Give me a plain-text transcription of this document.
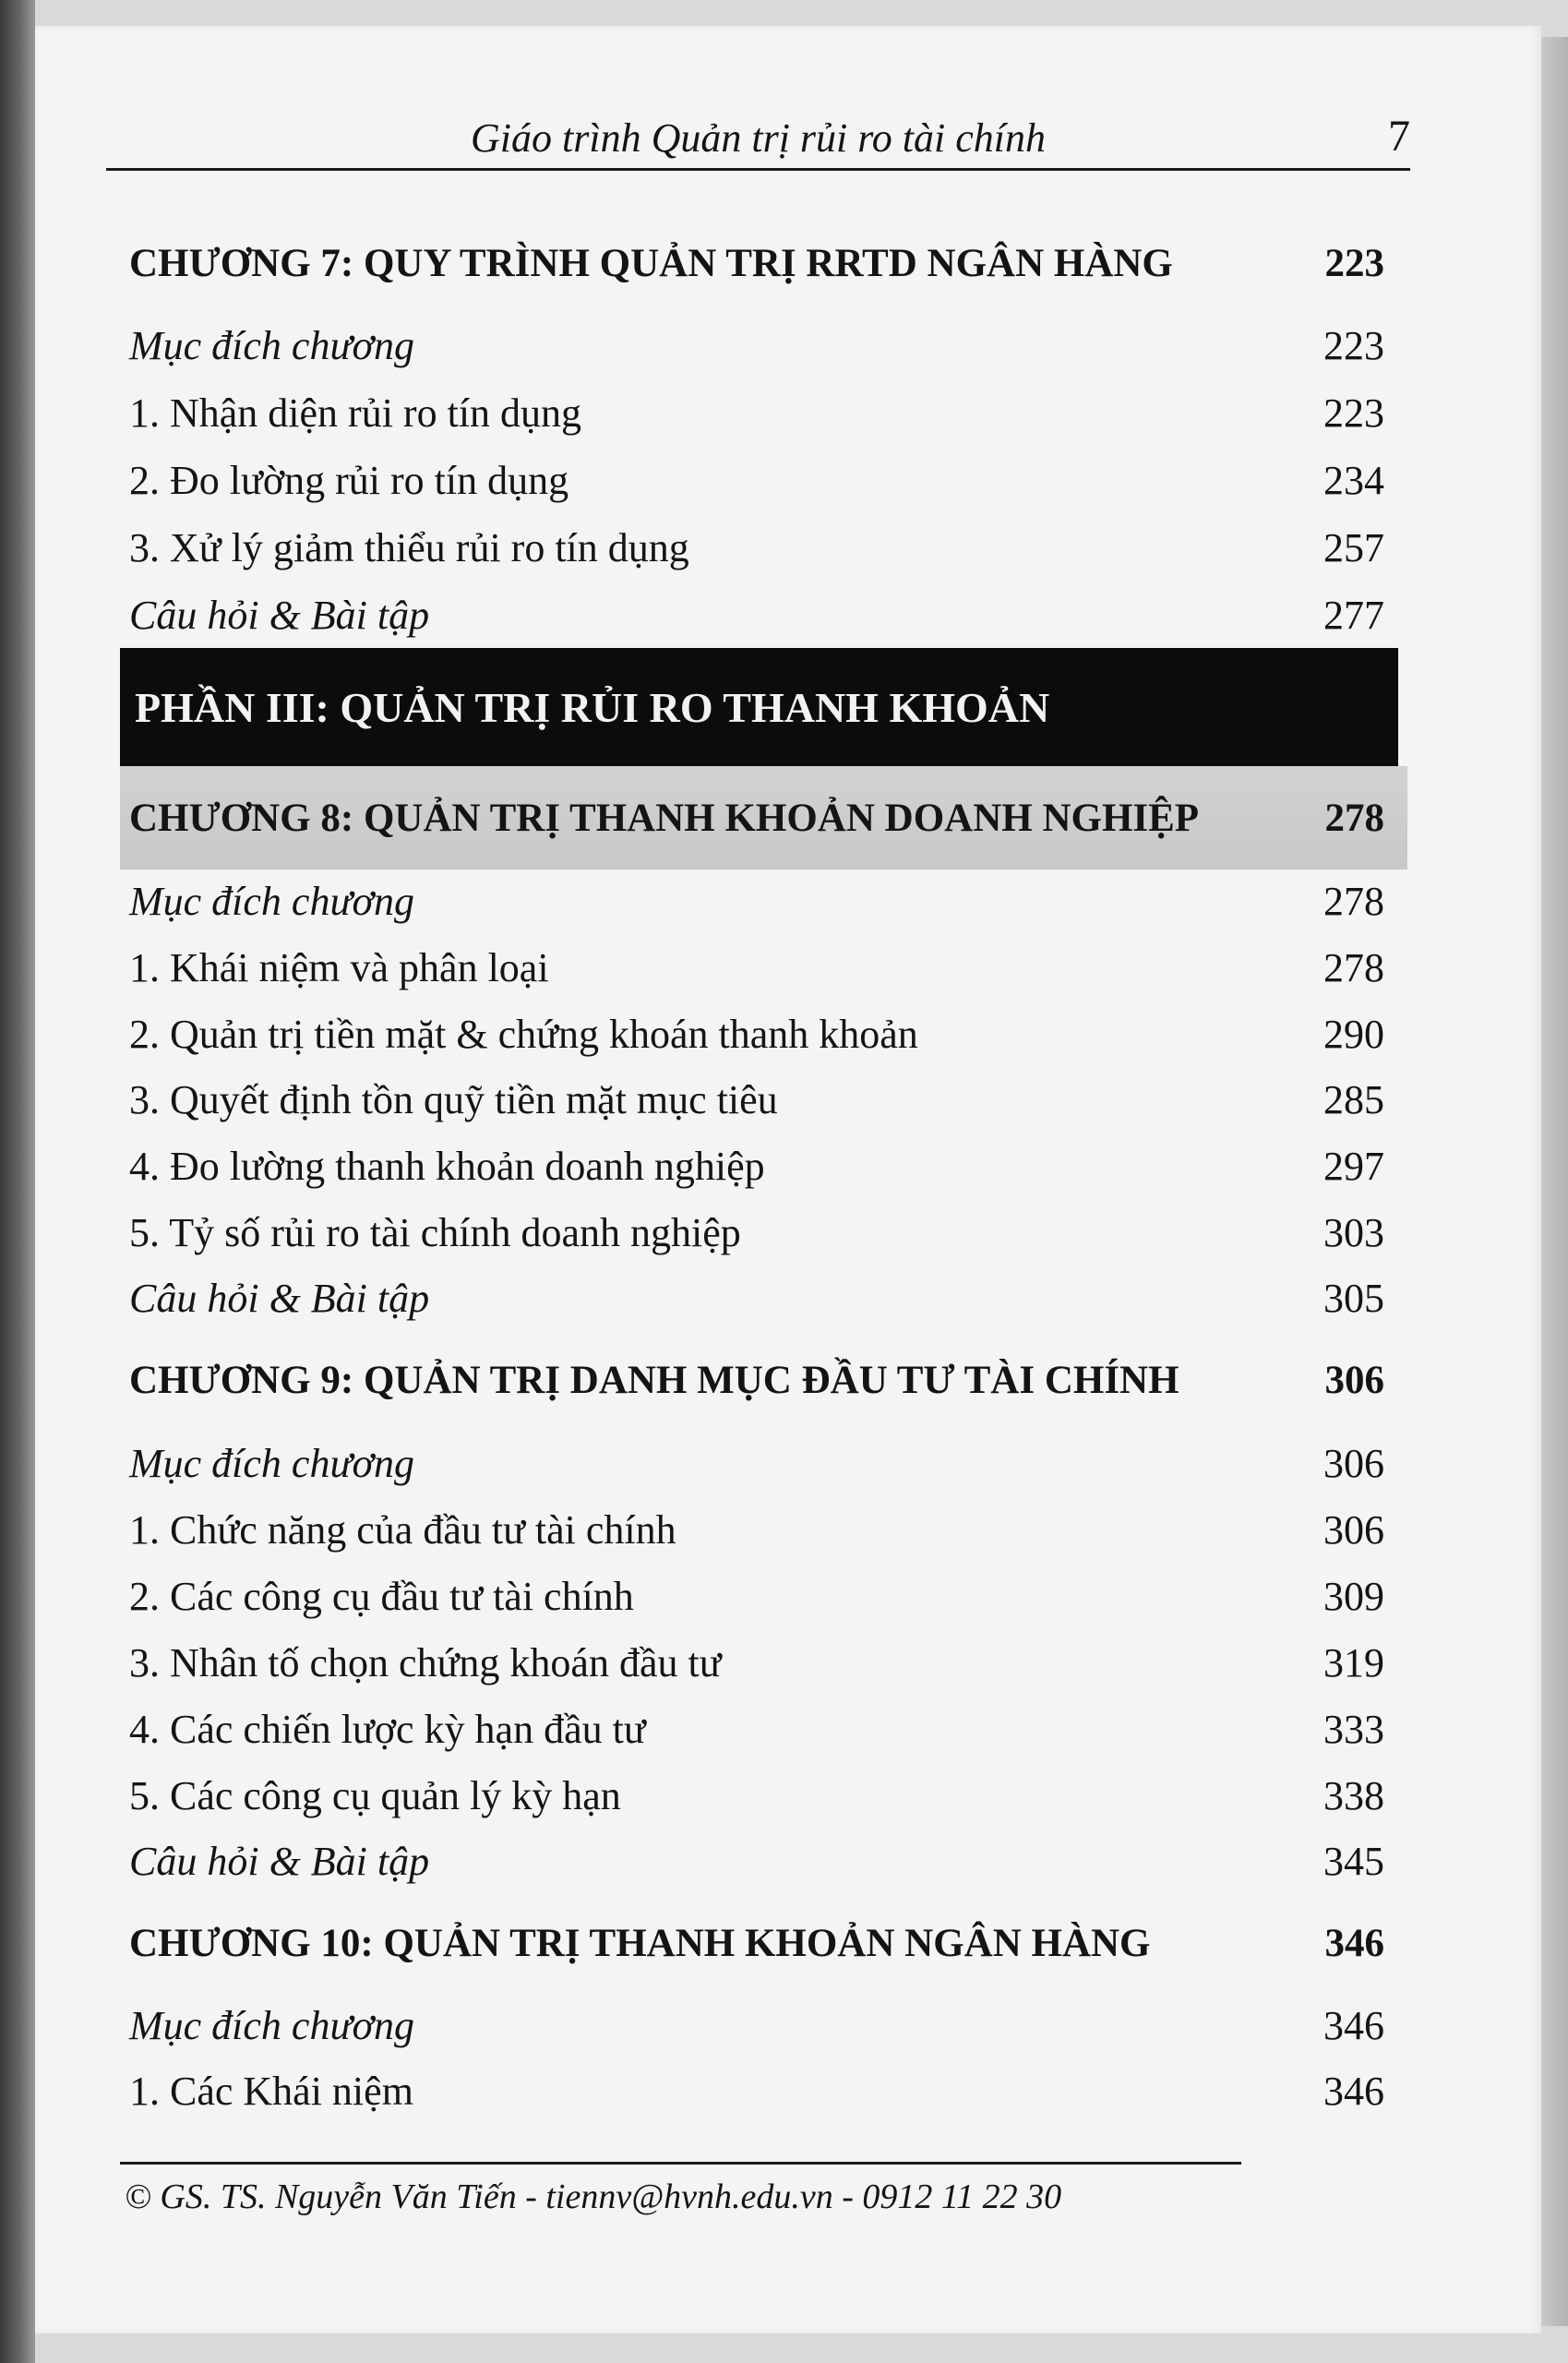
Giáo trình Quản trị rủi ro tài chính	7
PHẦN III: QUẢN TRỊ RỦI RO THANH KHOẢN
CHƯƠNG 7: QUY TRÌNH QUẢN TRỊ RRTD NGÂN HÀNG	223
Mục đích chương	223
1. Nhận diện rủi ro tín dụng	223
2. Đo lường rủi ro tín dụng	234
3. Xử lý giảm thiểu rủi ro tín dụng	257
Câu hỏi & Bài tập	277
CHƯƠNG 8: QUẢN TRỊ THANH KHOẢN DOANH NGHIỆP	278
Mục đích chương	278
1. Khái niệm và phân loại	278
2. Quản trị tiền mặt & chứng khoán thanh khoản	290
3. Quyết định tồn quỹ tiền mặt mục tiêu	285
4. Đo lường thanh khoản doanh nghiệp	297
5. Tỷ số rủi ro tài chính doanh nghiệp	303
Câu hỏi & Bài tập	305
CHƯƠNG 9: QUẢN TRỊ DANH MỤC ĐẦU TƯ TÀI CHÍNH	306
Mục đích chương	306
1. Chức năng của đầu tư tài chính	306
2. Các công cụ đầu tư tài chính	309
3. Nhân tố chọn chứng khoán đầu tư	319
4. Các chiến lược kỳ hạn đầu tư	333
5. Các công cụ quản lý kỳ hạn	338
Câu hỏi & Bài tập	345
CHƯƠNG 10: QUẢN TRỊ THANH KHOẢN NGÂN HÀNG	346
Mục đích chương	346
1. Các Khái niệm	346
© GS. TS. Nguyễn Văn Tiến - tiennv@hvnh.edu.vn - 0912 11 22 30
